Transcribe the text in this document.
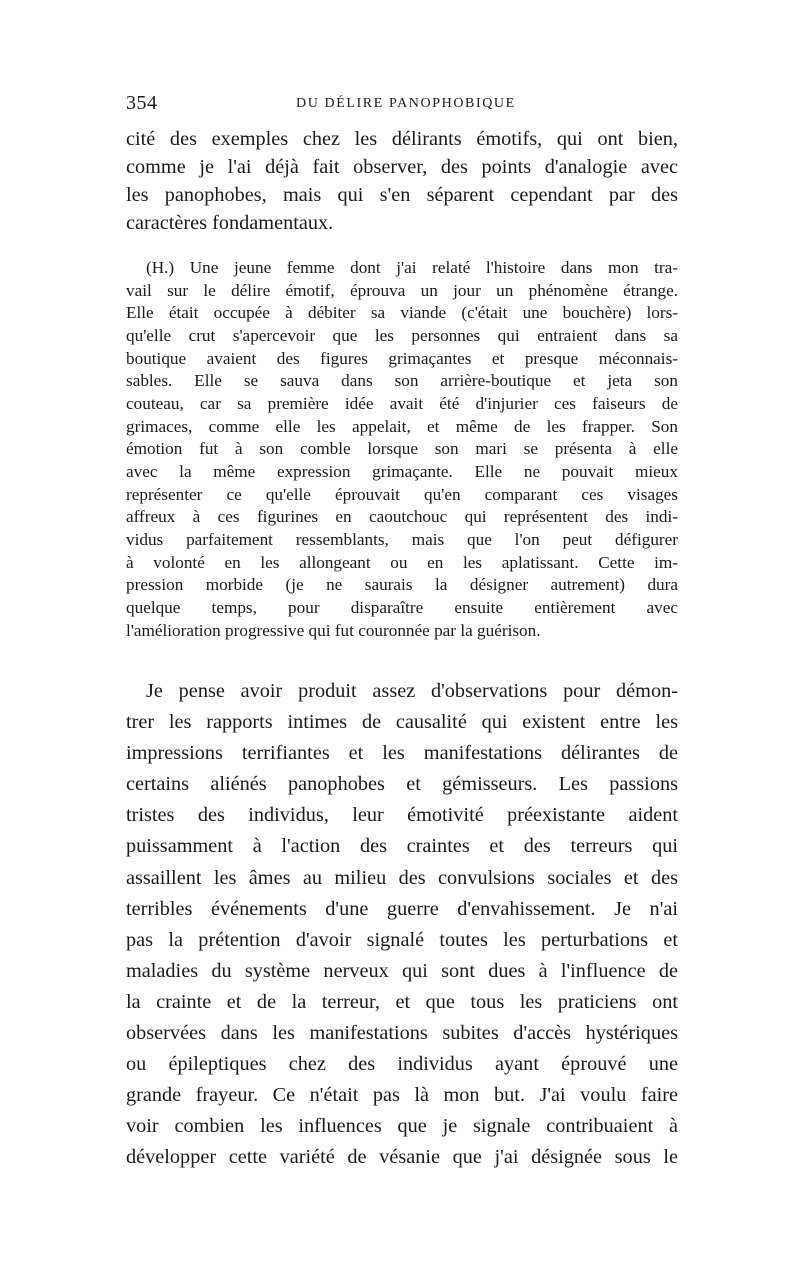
354	DU DÉLIRE PANOPHOBIQUE

cité des exemples chez les délirants émotifs, qui ont bien,
comme je l'ai déjà fait observer, des points d'analogie avec
les panophobes, mais qui s'en séparent cependant par des
caractères fondamentaux.

(H.) Une jeune femme dont j'ai relaté l'histoire dans mon tra-
vail sur le délire émotif, éprouva un jour un phénomène étrange.
Elle était occupée à débiter sa viande (c'était une bouchère) lors-
qu'elle crut s'apercevoir que les personnes qui entraient dans sa
boutique avaient des figures grimaçantes et presque méconnais-
sables. Elle se sauva dans son arrière-boutique et jeta son
couteau, car sa première idée avait été d'injurier ces faiseurs de
grimaces, comme elle les appelait, et même de les frapper. Son
émotion fut à son comble lorsque son mari se présenta à elle
avec la même expression grimaçante. Elle ne pouvait mieux
représenter ce qu'elle éprouvait qu'en comparant ces visages
affreux à ces figurines en caoutchouc qui représentent des indi-
vidus parfaitement ressemblants, mais que l'on peut défigurer
à volonté en les allongeant ou en les aplatissant. Cette im-
pression morbide (je ne saurais la désigner autrement) dura
quelque temps, pour disparaître ensuite entièrement avec
l'amélioration progressive qui fut couronnée par la guérison.

Je pense avoir produit assez d'observations pour démon-
trer les rapports intimes de causalité qui existent entre les
impressions terrifiantes et les manifestations délirantes de
certains aliénés panophobes et gémisseurs. Les passions
tristes des individus, leur émotivité préexistante aident
puissamment à l'action des craintes et des terreurs qui
assaillent les âmes au milieu des convulsions sociales et des
terribles événements d'une guerre d'envahissement. Je n'ai
pas la prétention d'avoir signalé toutes les perturbations et
maladies du système nerveux qui sont dues à l'influence de
la crainte et de la terreur, et que tous les praticiens ont
observées dans les manifestations subites d'accès hystériques
ou épileptiques chez des individus ayant éprouvé une
grande frayeur. Ce n'était pas là mon but. J'ai voulu faire
voir combien les influences que je signale contribuaient à
développer cette variété de vésanie que j'ai désignée sous le
